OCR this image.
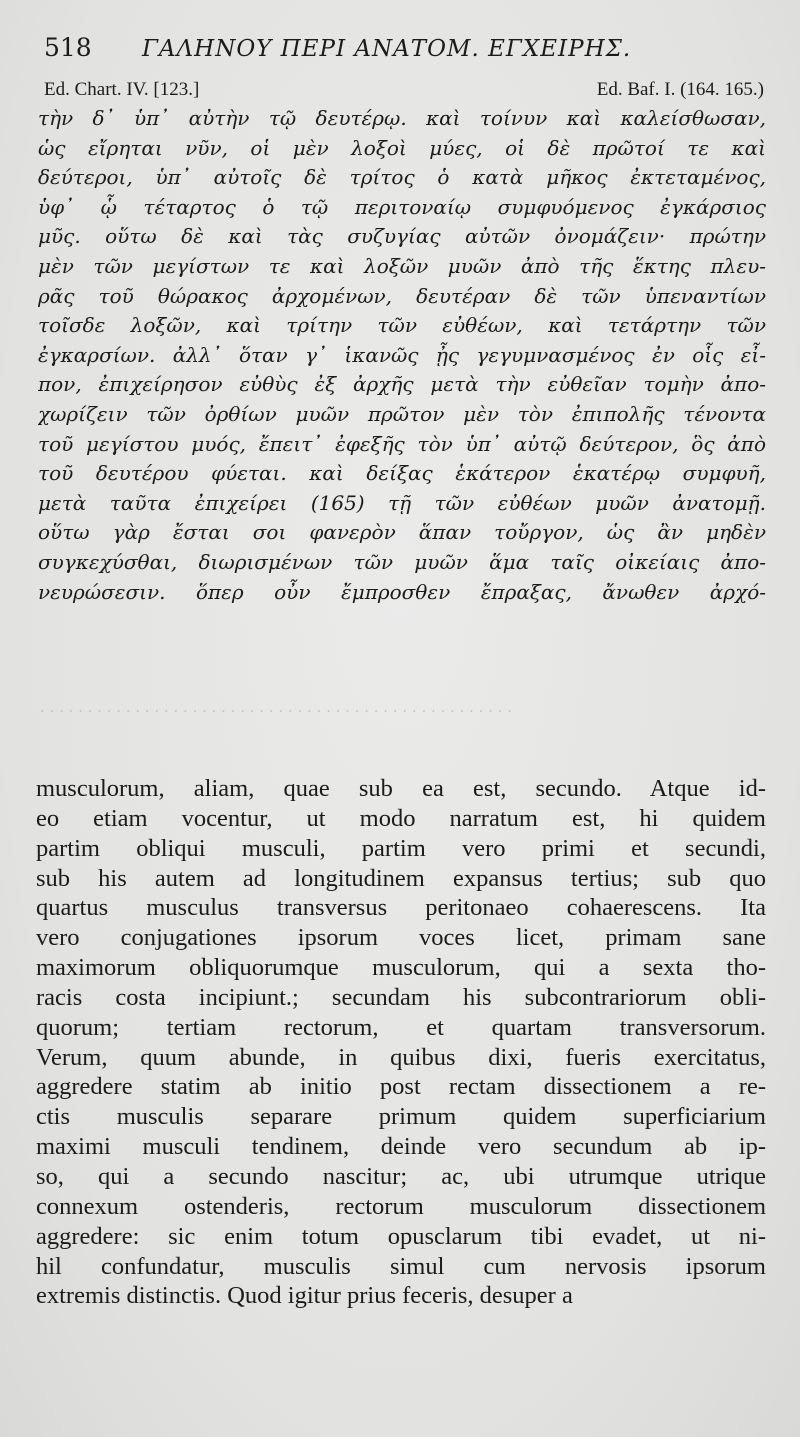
518 ΓΑΛΗΝΟΥ ΠΕΡΙ ΑΝΑΤΟΜ. ΕΓΧΕΙΡΗΣ.
Ed. Chart. IV. [123.]	Ed. Baf. I. (164. 165.)
τὴν δ᾽ ὑπ᾽ αὐτὴν τῷ δευτέρῳ. καὶ τοίνυν καὶ καλείσθωσαν,
ὡς εἴρηται νῦν, οἱ μὲν λοξοὶ μύες, οἱ δὲ πρῶτοί τε καὶ
δεύτεροι, ὑπ᾽ αὐτοῖς δὲ τρίτος ὁ κατὰ μῆκος ἐκτεταμένος,
ὑφ᾽ ᾧ τέταρτος ὁ τῷ περιτοναίῳ συμφυόμενος ἐγκάρσιος
μῦς. οὕτω δὲ καὶ τὰς συζυγίας αὐτῶν ὀνομάζειν· πρώτην
μὲν τῶν μεγίστων τε καὶ λοξῶν μυῶν ἀπὸ τῆς ἕκτης πλευ-
ρᾶς τοῦ θώρακος ἀρχομένων, δευτέραν δὲ τῶν ὑπεναντίων
τοῖσδε λοξῶν, καὶ τρίτην τῶν εὐθέων, καὶ τετάρτην τῶν
ἐγκαρσίων. ἀλλ᾽ ὅταν γ᾽ ἱκανῶς ᾖς γεγυμνασμένος ἐν οἷς εἶ-
πον, ἐπιχείρησον εὐθὺς ἐξ ἀρχῆς μετὰ τὴν εὐθεῖαν τομὴν ἀπο-
χωρίζειν τῶν ὀρθίων μυῶν πρῶτον μὲν τὸν ἐπιπολῆς τένοντα
τοῦ μεγίστου μυός, ἔπειτ᾽ ἐφεξῆς τὸν ὑπ᾽ αὐτῷ δεύτερον, ὃς ἀπὸ
τοῦ δευτέρου φύεται. καὶ δείξας ἑκάτερον ἑκατέρῳ συμφυῆ,
μετὰ ταῦτα ἐπιχείρει (165) τῇ τῶν εὐθέων μυῶν ἀνατομῇ.
οὕτω γὰρ ἔσται σοι φανερὸν ἅπαν τοὔργον, ὡς ἂν μηδὲν
συγκεχύσθαι, διωρισμένων τῶν μυῶν ἅμα ταῖς οἰκείαις ἀπο-
νευρώσεσιν. ὅπερ οὖν ἔμπροσθεν ἔπραξας, ἄνωθεν ἀρχό-
· · · · · · · · · · · · · · · · · · · · · · · · · · · · · · · · · · · · · · · · · · · · · · · · · ·
musculorum, aliam, quae sub ea est, secundo. Atque id-
eo etiam vocentur, ut modo narratum est, hi quidem
partim obliqui musculi, partim vero primi et secundi,
sub his autem ad longitudinem expansus tertius; sub quo
quartus musculus transversus peritonaeo cohaerescens. Ita
vero conjugationes ipsorum voces licet, primam sane
maximorum obliquorumque musculorum, qui a sexta tho-
racis costa incipiunt.; secundam his subcontrariorum obli-
quorum; tertiam rectorum, et quartam transversorum.
Verum, quum abunde, in quibus dixi, fueris exercitatus,
aggredere statim ab initio post rectam dissectionem a re-
ctis musculis separare primum quidem superficiarium
maximi musculi tendinem, deinde vero secundum ab ip-
so, qui a secundo nascitur; ac, ubi utrumque utrique
connexum ostenderis, rectorum musculorum dissectionem
aggredere: sic enim totum opusclarum tibi evadet, ut ni-
hil confundatur, musculis simul cum nervosis ipsorum
extremis distinctis. Quod igitur prius feceris, desuper a
